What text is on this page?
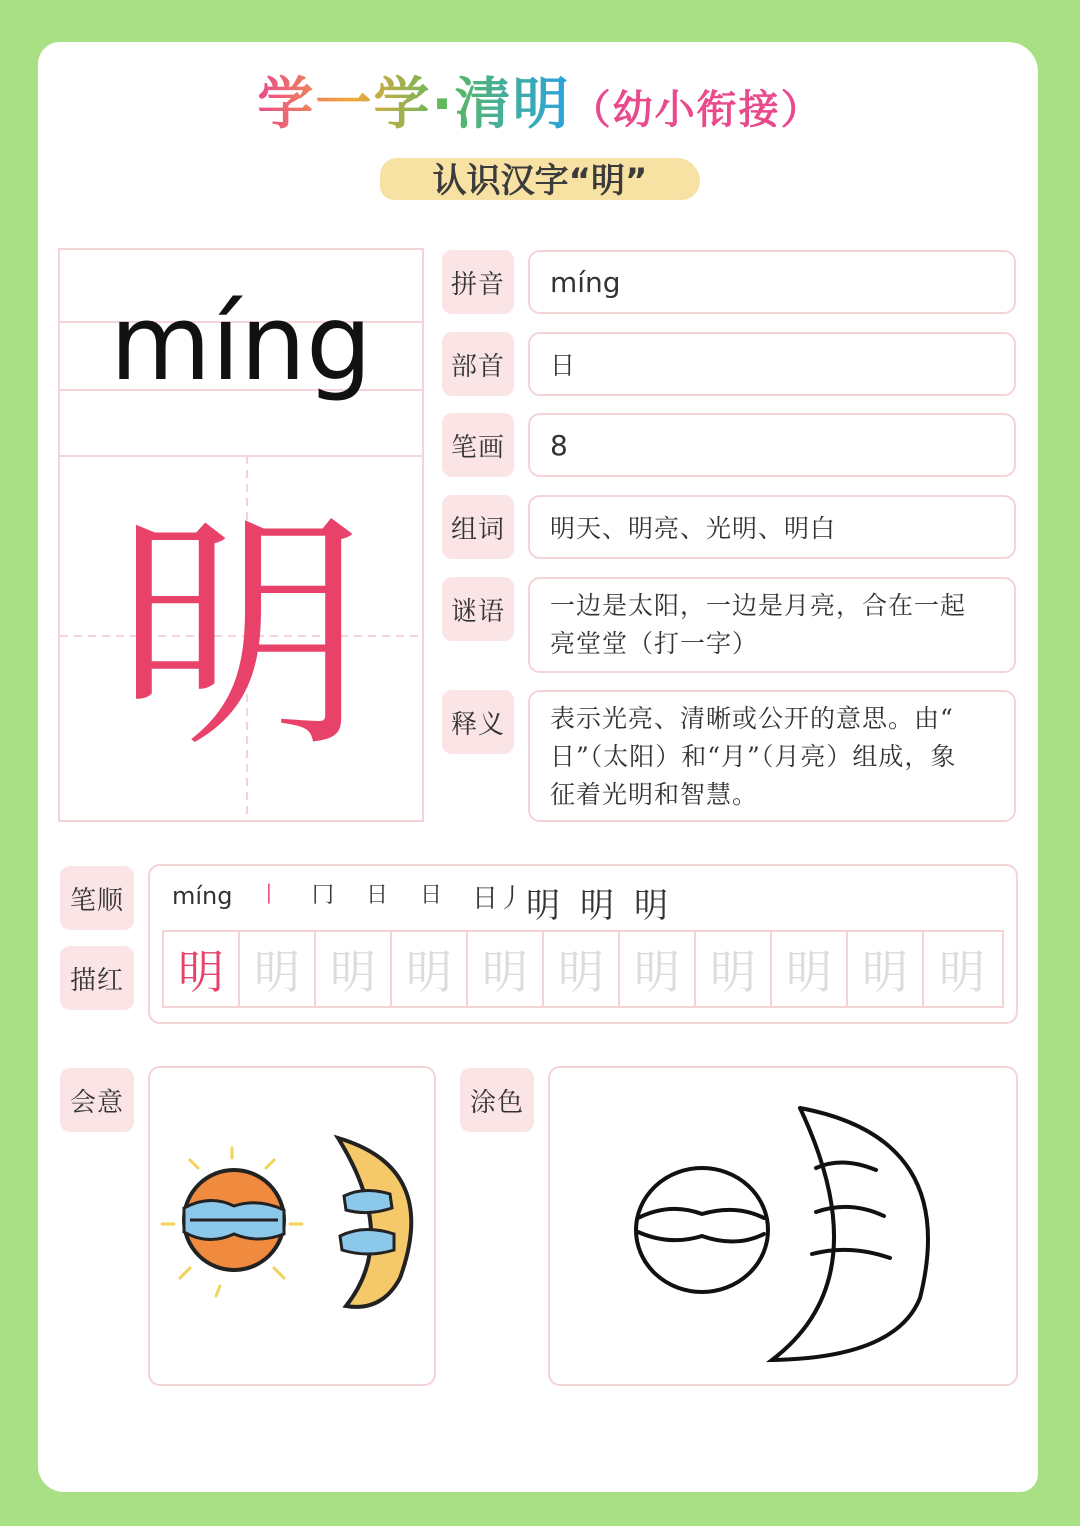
学一学·清明（幼小衔接）
认识汉字“明”
míng
明
拼音	míng
部首	日
笔画	8
组词	明天、明亮、光明、明白
谜语	一边是太阳，一边是月亮，合在一起
亮堂堂（打一字）
释义	表示光亮、清晰或公开的意思。由“
日”（太阳）和“月”（月亮）组成，象
征着光明和智慧。
笔顺
描红
míng 丨 冂 日 日 日丿 明 明 明
明 明 明 明 明 明 明 明 明 明 明
会意	涂色
